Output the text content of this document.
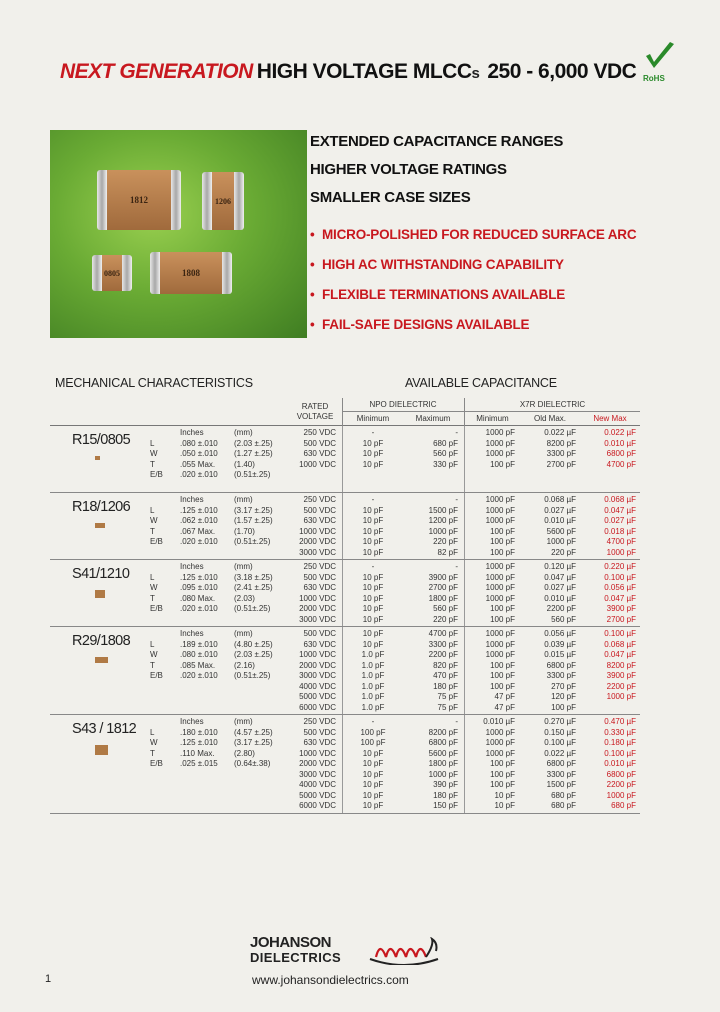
NEXT GENERATION HIGH VOLTAGE MLCCs 250 - 6,000 VDC RoHS
1812	1206
0805	1808
EXTENDED CAPACITANCE RANGES
HIGHER VOLTAGE RATINGS
SMALLER CASE SIZES
• MICRO-POLISHED FOR REDUCED SURFACE ARC
• HIGH AC WITHSTANDING CAPABILITY
• FLEXIBLE TERMINATIONS AVAILABLE
• FAIL-SAFE DESIGNS AVAILABLE
MECHANICAL CHARACTERISTICS	AVAILABLE CAPACITANCE
RATED
VOLTAGE
NPO DIELECTRIC	X7R DIELECTRIC
Minimum	Maximum	Minimum	Old Max.	New Max
R15/0805	Inches	(mm)
L	.080 ±.010 (2.03 ±.25)
W	.050 ±.010 (1.27 ±.25)
T	.055 Max. (1.40)
E/B .020 ±.010 (0.51±.25)
250 VDC	-	-	1000 pF	0.022 µF	0.022 µF
500 VDC	10 pF	680 pF	1000 pF	8200 pF	0.010 µF
630 VDC	10 pF	560 pF	1000 pF	3300 pF	6800 pF
1000 VDC	10 pF	330 pF	100 pF	2700 pF	4700 pF
R18/1206	Inches	(mm)
L	.125 ±.010 (3.17 ±.25)
W	.062 ±.010 (1.57 ±.25)
T	.067 Max. (1.70)
E/B .020 ±.010 (0.51±.25)
250 VDC	-	-	1000 pF	0.068 µF	0.068 µF
500 VDC	10 pF	1500 pF	1000 pF	0.027 µF	0.047 µF
630 VDC	10 pF	1200 pF	1000 pF	0.010 µF	0.027 µF
1000 VDC	10 pF	1000 pF	100 pF	5600 pF	0.018 µF
2000 VDC	10 pF	220 pF	100 pF	1000 pF	4700 pF
3000 VDC	10 pF	82 pF	100 pF	220 pF	1000 pF
S41/1210	Inches	(mm)
L	.125 ±.010 (3.18 ±.25)
W	.095 ±.010 (2.41 ±.25)
T	.080 Max. (2.03)
E/B .020 ±.010 (0.51±.25)
250 VDC	-	-	1000 pF	0.120 µF	0.220 µF
500 VDC	10 pF	3900 pF	1000 pF	0.047 µF	0.100 µF
630 VDC	10 pF	2700 pF	1000 pF	0.027 µF	0.056 µF
1000 VDC	10 pF	1800 pF	1000 pF	0.010 µF	0.047 µF
2000 VDC	10 pF	560 pF	100 pF	2200 pF	3900 pF
3000 VDC	10 pF	220 pF	100 pF	560 pF	2700 pF
R29/1808	Inches	(mm)
L	.189 ±.010 (4.80 ±.25)
W	.080 ±.010 (2.03 ±.25)
T	.085 Max. (2.16)
E/B .020 ±.010 (0.51±.25)
500 VDC	10 pF	4700 pF	1000 pF	0.056 µF	0.100 µF
630 VDC	10 pF	3300 pF	1000 pF	0.039 µF	0.068 µF
1000 VDC	1.0 pF	2200 pF	1000 pF	0.015 µF	0.047 µF
2000 VDC	1.0 pF	820 pF	100 pF	6800 pF	8200 pF
3000 VDC	1.0 pF	470 pF	100 pF	3300 pF	3900 pF
4000 VDC	1.0 pF	180 pF	100 pF	270 pF	2200 pF
5000 VDC	1.0 pF	75 pF	47 pF	120 pF	1000 pF
6000 VDC	1.0 pF	75 pF	47 pF	100 pF
S43 / 1812	Inches	(mm)
L	.180 ±.010 (4.57 ±.25)
W	.125 ±.010 (3.17 ±.25)
T	.110 Max. (2.80)
E/B .025 ±.015 (0.64±.38)
250 VDC	-	-	0.010 µF	0.270 µF	0.470 µF
500 VDC	100 pF	8200 pF	1000 pF	0.150 µF	0.330 µF
630 VDC	100 pF	6800 pF	1000 pF	0.100 µF	0.180 µF
1000 VDC	10 pF	5600 pF	1000 pF	0.022 µF	0.100 µF
2000 VDC	10 pF	1800 pF	100 pF	6800 pF	0.010 µF
3000 VDC	10 pF	1000 pF	100 pF	3300 pF	6800 pF
4000 VDC	10 pF	390 pF	100 pF	1500 pF	2200 pF
5000 VDC	10 pF	180 pF	10 pF	680 pF	1000 pF
6000 VDC	10 pF	150 pF	10 pF	680 pF	680 pF
JOHANSON
DIELECTRICS
www.johansondielectrics.com
1
